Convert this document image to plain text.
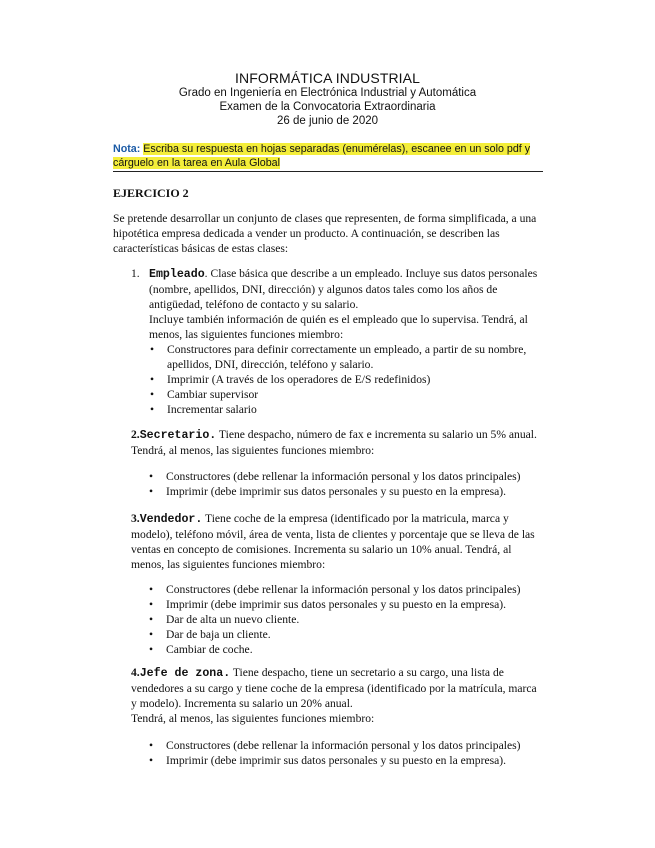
INFORMÁTICA INDUSTRIAL
Grado en Ingeniería en Electrónica Industrial y Automática
Examen de la Convocatoria Extraordinaria
26 de junio de 2020
Nota: Escriba su respuesta en hojas separadas (enumérelas), escanee en un solo pdf y cárguelo en la tarea en Aula Global
EJERCICIO 2
Se pretende desarrollar un conjunto de clases que representen, de forma simplificada, a una hipotética empresa dedicada a vender un producto. A continuación, se describen las características básicas de estas clases:
1. Empleado. Clase básica que describe a un empleado. Incluye sus datos personales (nombre, apellidos, DNI, dirección) y algunos datos tales como los años de antigüedad, teléfono de contacto y su salario.
Incluye también información de quién es el empleado que lo supervisa. Tendrá, al menos, las siguientes funciones miembro:
• Constructores para definir correctamente un empleado, a partir de su nombre, apellidos, DNI, dirección, teléfono y salario.
• Imprimir (A través de los operadores de E/S redefinidos)
• Cambiar supervisor
• Incrementar salario
2.Secretario. Tiene despacho, número de fax e incrementa su salario un 5% anual. Tendrá, al menos, las siguientes funciones miembro:
• Constructores (debe rellenar la información personal y los datos principales)
• Imprimir (debe imprimir sus datos personales y su puesto en la empresa).
3.Vendedor. Tiene coche de la empresa (identificado por la matricula, marca y modelo), teléfono móvil, área de venta, lista de clientes y porcentaje que se lleva de las ventas en concepto de comisiones. Incrementa su salario un 10% anual. Tendrá, al menos, las siguientes funciones miembro:
• Constructores (debe rellenar la información personal y los datos principales)
• Imprimir (debe imprimir sus datos personales y su puesto en la empresa).
• Dar de alta un nuevo cliente.
• Dar de baja un cliente.
• Cambiar de coche.
4.Jefe de zona. Tiene despacho, tiene un secretario a su cargo, una lista de vendedores a su cargo y tiene coche de la empresa (identificado por la matrícula, marca y modelo). Incrementa su salario un 20% anual.
Tendrá, al menos, las siguientes funciones miembro:
• Constructores (debe rellenar la información personal y los datos principales)
• Imprimir (debe imprimir sus datos personales y su puesto en la empresa).
